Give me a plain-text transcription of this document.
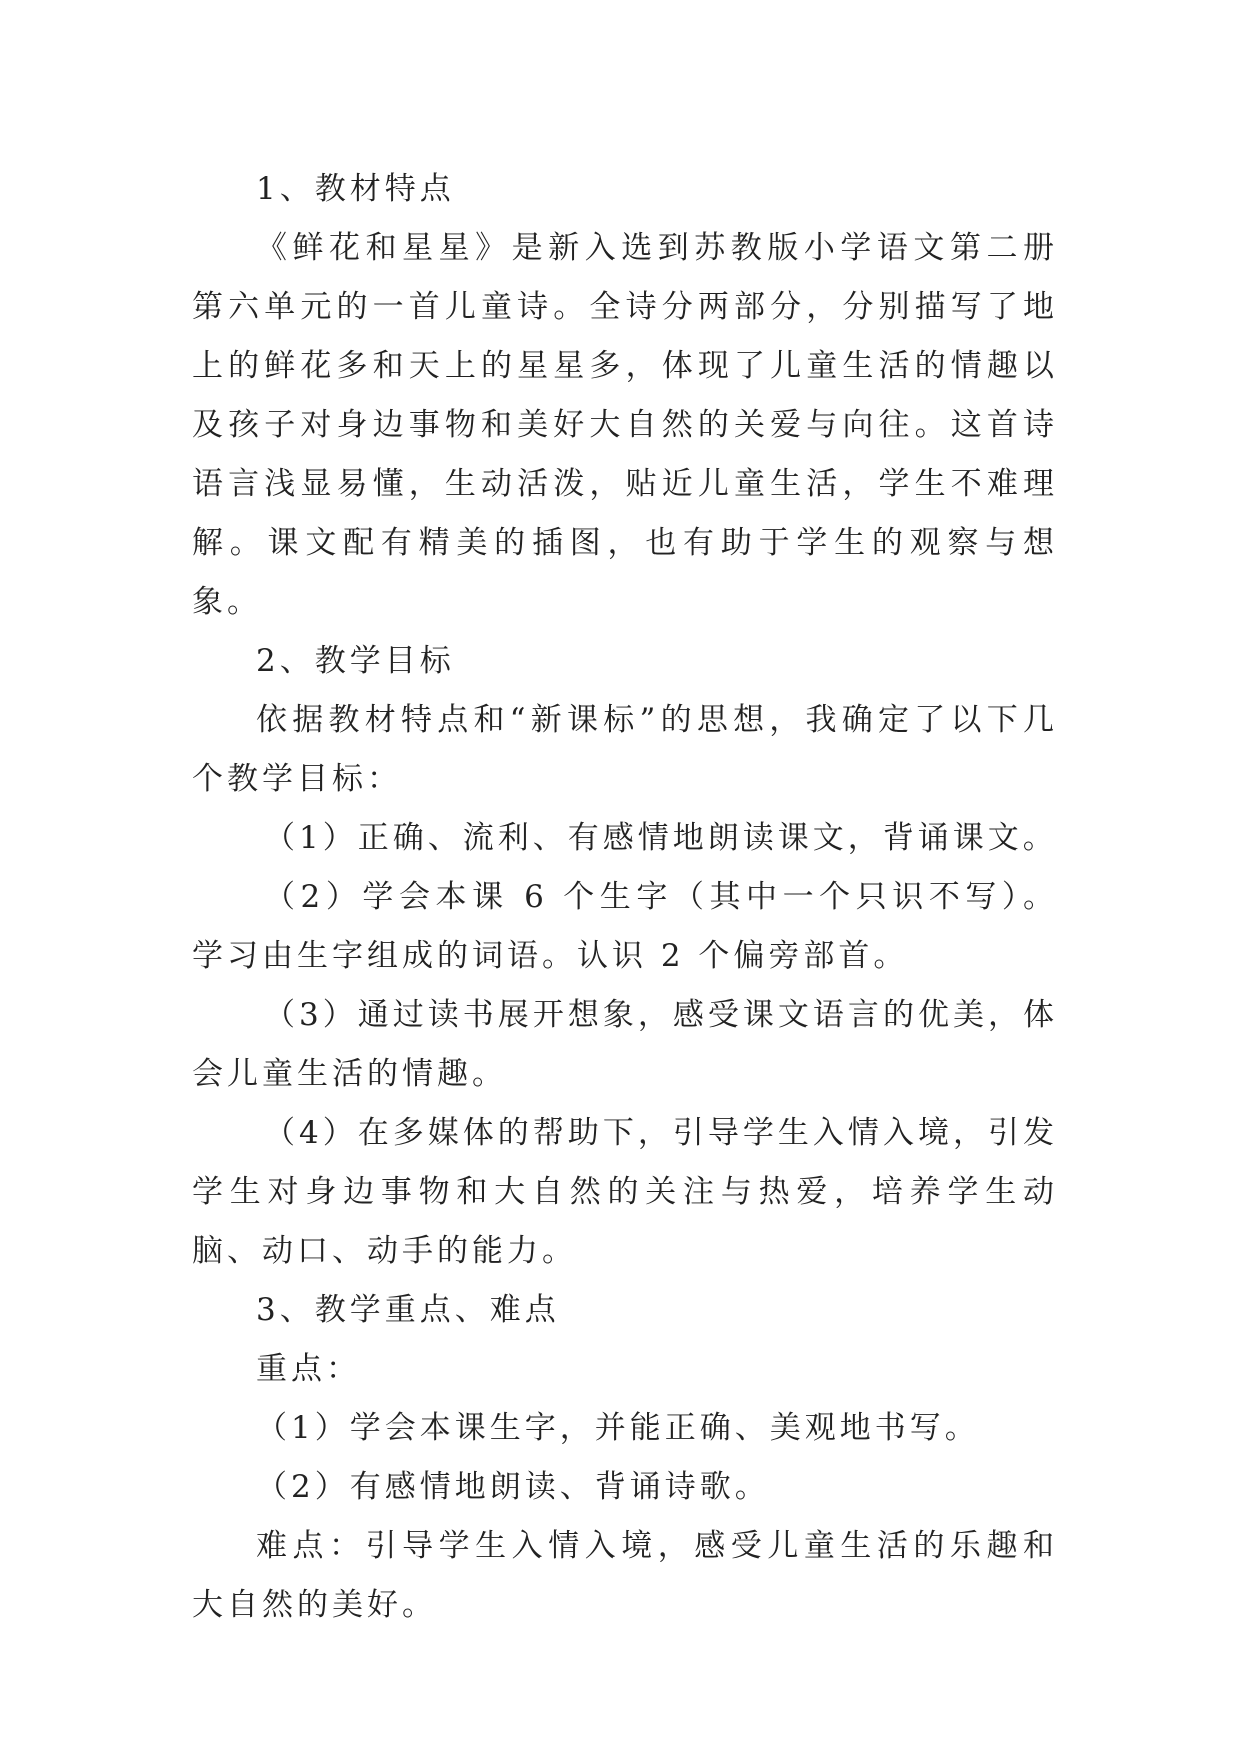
1、教材特点

《鲜花和星星》是新入选到苏教版小学语文第二册第六单元的一首儿童诗。全诗分两部分，分别描写了地上的鲜花多和天上的星星多，体现了儿童生活的情趣以及孩子对身边事物和美好大自然的关爱与向往。这首诗语言浅显易懂，生动活泼，贴近儿童生活，学生不难理解。课文配有精美的插图，也有助于学生的观察与想象。

2、教学目标

依据教材特点和“新课标”的思想，我确定了以下几个教学目标：

（1）正确、流利、有感情地朗读课文，背诵课文。

（2）学会本课 6 个生字（其中一个只识不写）。学习由生字组成的词语。认识 2 个偏旁部首。

（3）通过读书展开想象，感受课文语言的优美，体会儿童生活的情趣。

（4）在多媒体的帮助下，引导学生入情入境，引发学生对身边事物和大自然的关注与热爱，培养学生动脑、动口、动手的能力。

3、教学重点、难点

重点：

（1）学会本课生字，并能正确、美观地书写。

（2）有感情地朗读、背诵诗歌。

难点：引导学生入情入境，感受儿童生活的乐趣和大自然的美好。
